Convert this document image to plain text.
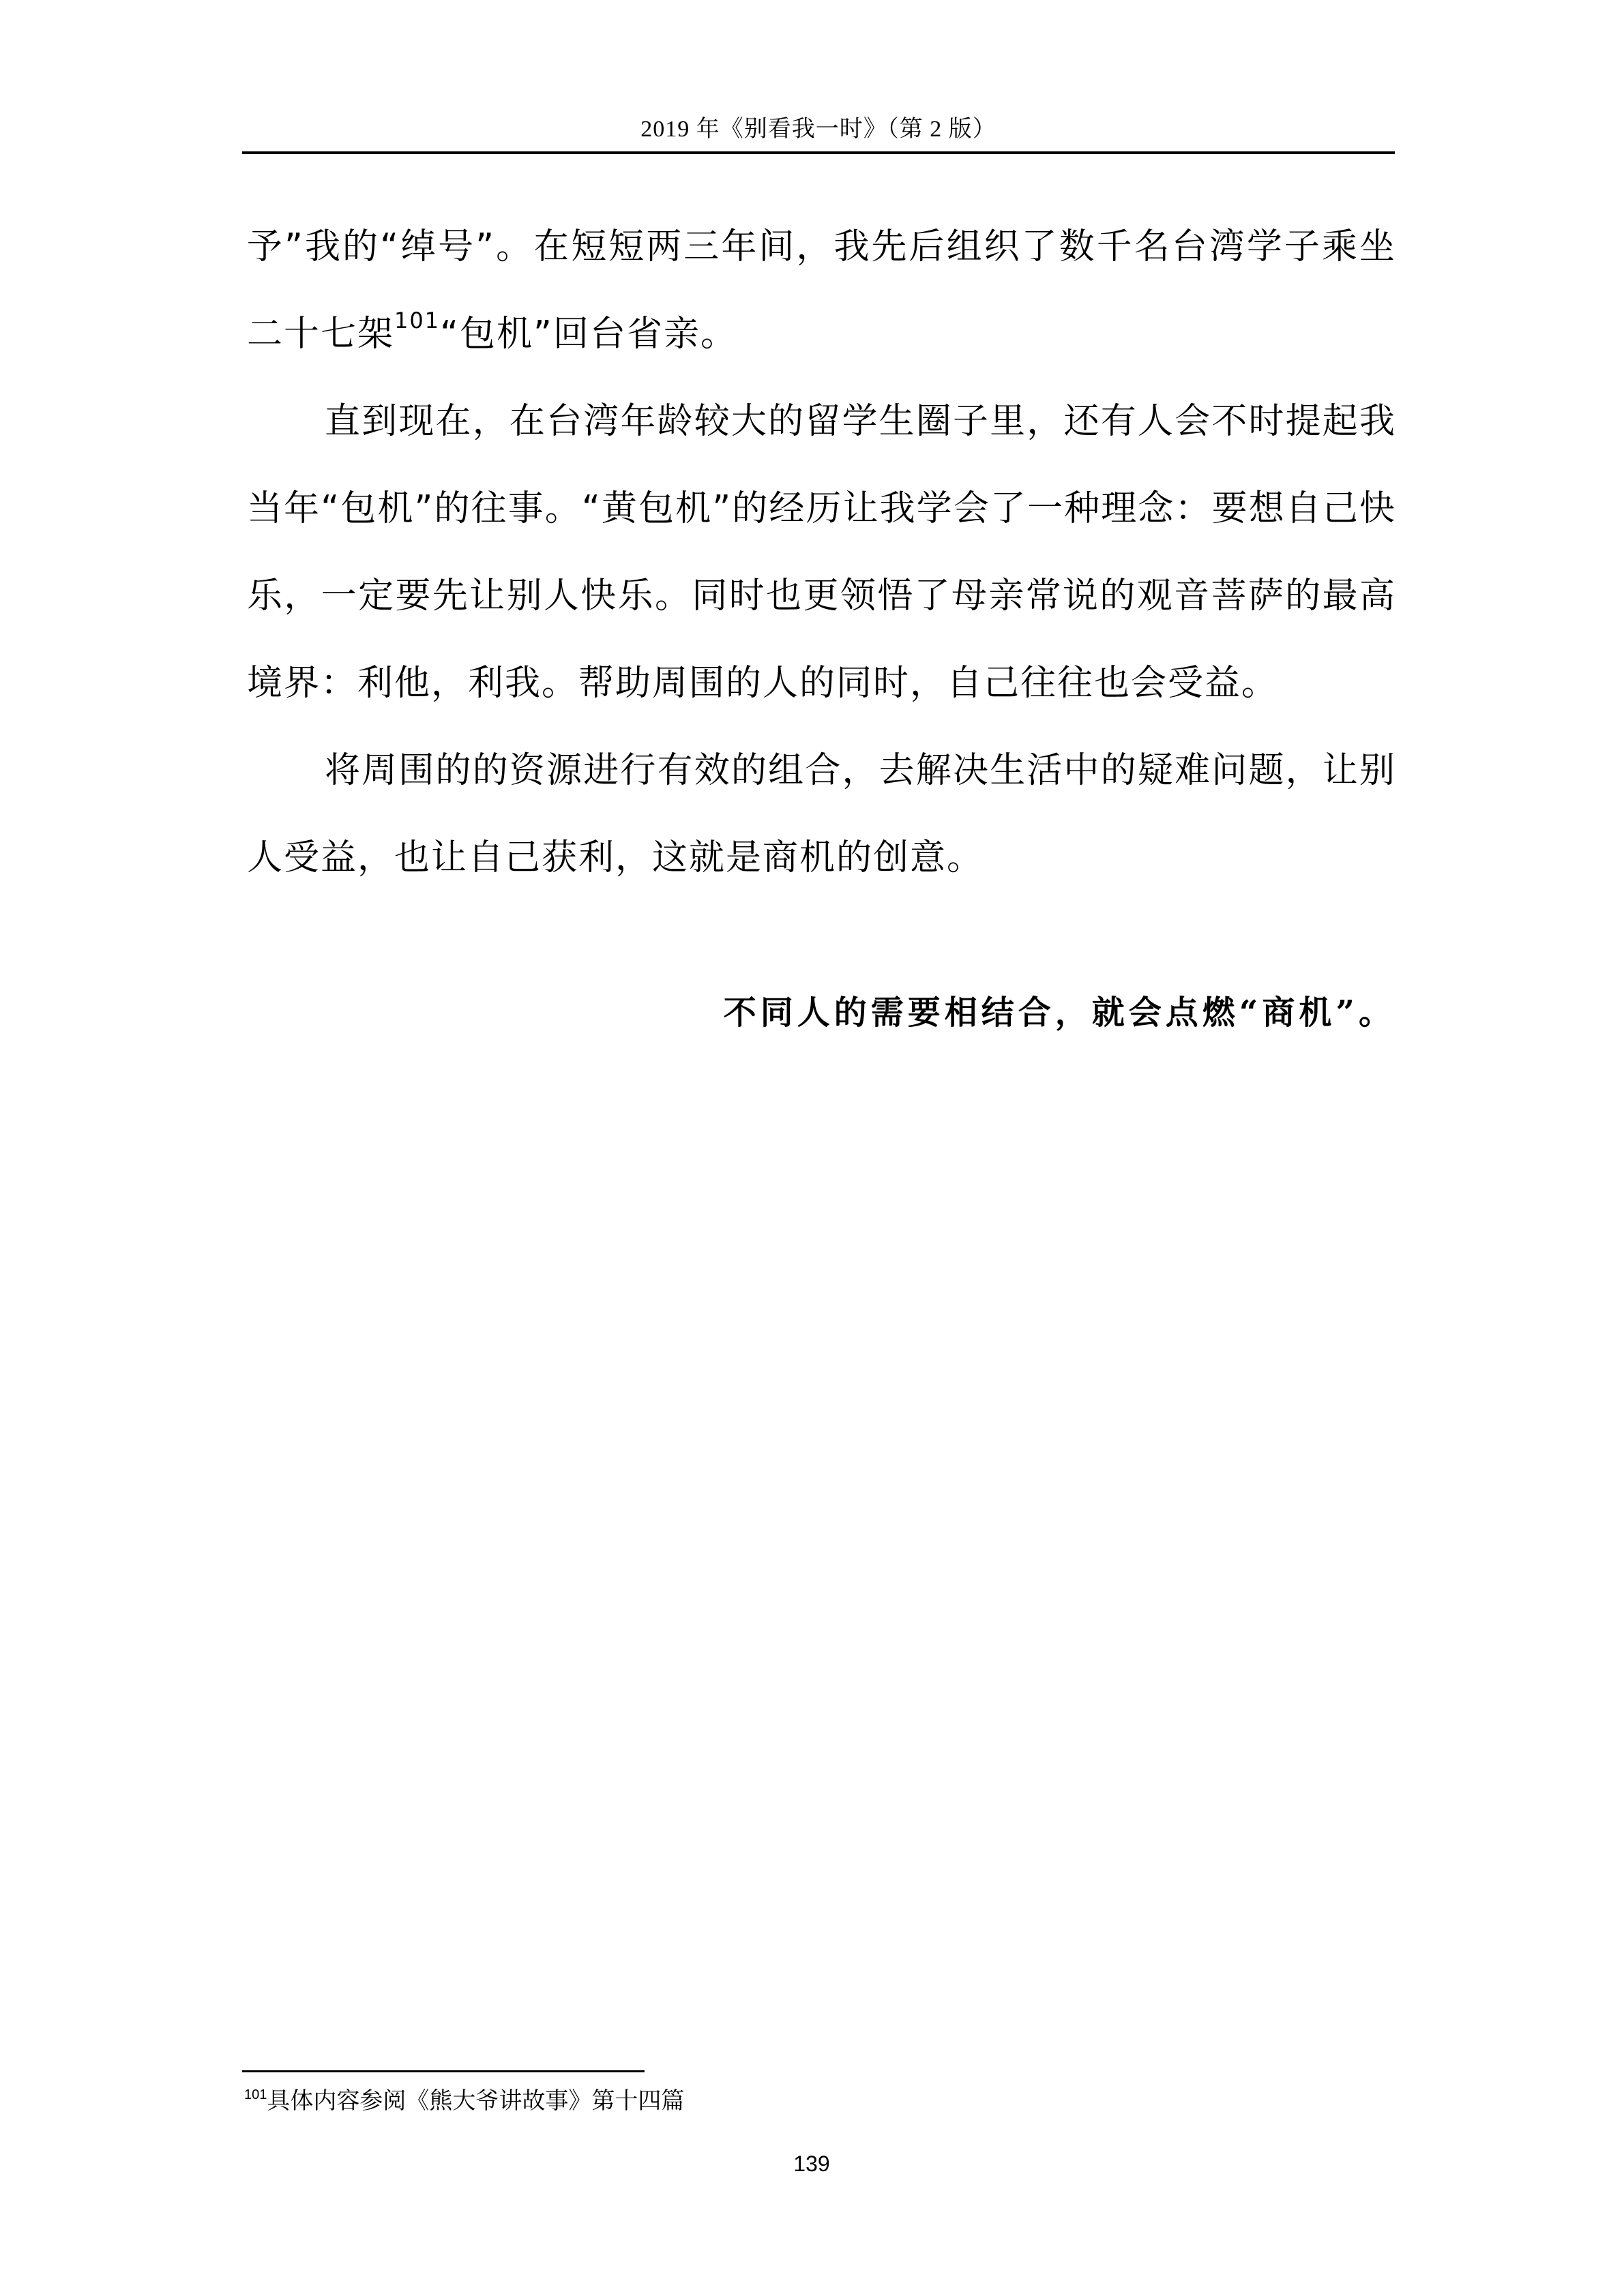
2019 年《别看我一时》（第 2 版）

予”我的“绰号”。在短短两三年间，我先后组织了数千名台湾学子乘坐二十七架$^{101}$“包机”回台省亲。

直到现在，在台湾年龄较大的留学生圈子里，还有人会不时提起我当年“包机”的往事。“黄包机”的经历让我学会了一种理念：要想自己快乐，一定要先让别人快乐。同时也更领悟了母亲常说的观音菩萨的最高境界：利他，利我。帮助周围的人的同时，自己往往也会受益。

将周围的的资源进行有效的组合，去解决生活中的疑难问题，让别人受益，也让自己获利，这就是商机的创意。

不同人的需要相结合，就会点燃“商机”。
$^{101}$具体内容参阅《熊大爷讲故事》第十四篇
139
